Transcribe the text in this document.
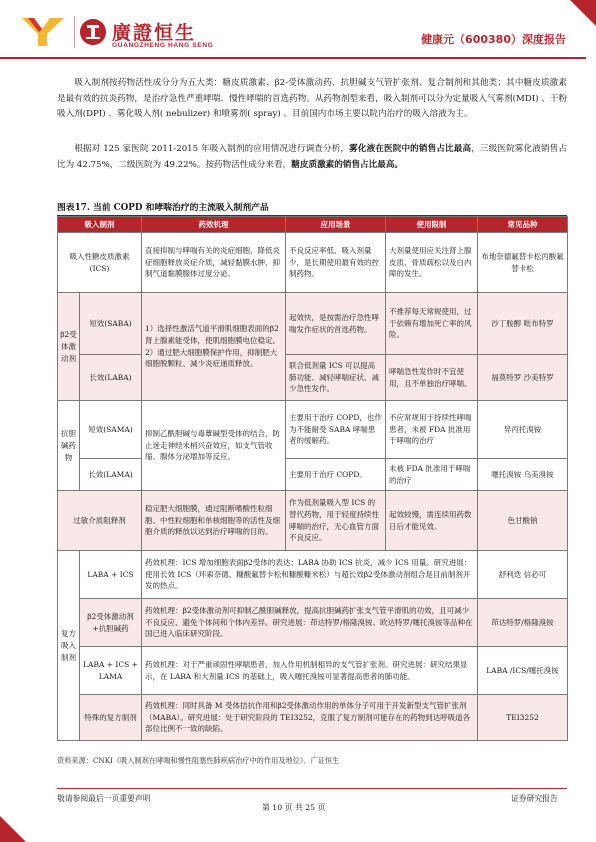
廣證恒生
GUANGZHENG HANG SENG	健康元（600380）深度报告

吸入制剂按药物活性成分分为五大类：糖皮质激素、β2-受体激动药、抗胆碱支气管扩张剂、复合制剂和其他类；其中糖皮质激素是最有效的抗炎药物，是治疗急性严重哮喘、慢性哮喘的首选药物。从药物剂型来看，吸入制剂可以分为定量吸入气雾剂(MDI) 、干粉吸入剂(DPI) 、雾化吸入剂( nebulizer) 和喷雾剂( spray) 。目前国内市场主要以院内治疗的吸入溶液为主。

根据对 125 家医院 2011-2015 年吸入制剂的应用情况进行调查分析，雾化液在医院中的销售占比最高，三级医院雾化液销售占比为 42.75%，二级医院为 49.22%。按药物活性成分来看，糖皮质激素的销售占比最高。

图表17. 当前 COPD 和哮喘治疗的主流吸入制剂产品
吸入制剂		药效机理	应用场景	使用限制	常见品种
吸入性糖皮质激素(ICS)		直接抑制与哮喘有关的炎症细胞，降低炎症细胞释放炎症介质，减轻黏膜水肿，抑制气道黏膜腺体过度分泌。	不良反应率低、吸入剂量少，是长期使用最有效的控制药物。	大剂量使用应关注肾上腺皮质、骨质疏松以及白内障的发生。	布地奈德氟替卡松丙酸氟替卡松
β2受体激动剂	短效(SABA)	1）选择性激活气道平滑肌细胞表面的β2 肾上腺素能受体，使肌细胞膜电位稳定。 2）通过肥大细胞膜保护作用，抑制肥大细胞脱颗粒、减少炎症递质释放。	起效快，是按需治疗急性哮喘发作症状的首选药物。	不推荐每天常规使用，过于依赖有增加死亡率的风险。	沙丁胺醇 吡布特罗
	长效(LABA)		联合低剂量 ICS 可以提高肺功能、减轻哮喘症状、减少急性发作。	哮喘急性发作时不宜使用，且不单独治疗哮喘。	福莫特罗 沙美特罗
抗胆碱药物	短效(SAMA)	抑制乙酰胆碱与毒蕈碱型受体的结合，防止迷走神经末梢兴奋效应，如支气管收缩、腺体分泌增加等反应。	主要用于治疗 COPD，也作为不能耐受 SABA 哮喘患者的缓解药。	不应常规用于持续性哮喘患者，未被 FDA 批准用于哮喘的治疗	异丙托溴铵
	长效(LAMA)		主要用于治疗 COPD。	未被 FDA 批准用于哮喘的治疗	噻托溴铵 乌美溴铵
过敏介质阻释剂		稳定肥大细胞膜，通过阻断嗜酸性粒细胞、中性粒细胞和单核细胞等的活性及细胞介质的释放以达到治疗哮喘的目的。	作为低剂量吸入型 ICS 的替代药物，用于轻度持续性哮喘的治疗，无心血管方面不良反应。	起效较慢，需连续用药数日后才能见效。	色甘酸钠
复方吸入制剂	LABA + ICS	药效机理：ICS 增加细胞表面β2受体的表达；LABA 协助 ICS 抗炎，减少 ICS 用量。研究进展：使用长效 ICS（环索奈德、糠酸氟替卡松和糠酸糠米松）与超长效β2受体激动剂组合是目前制剂开发的热点。			舒利迭 信必可
	β2受体激动剂+抗胆碱药	药效机理：β2受体激动剂可抑制乙酰胆碱释放，提高抗胆碱药扩张支气管平滑肌的功效，且可减少不良反应、避免个体间和个体内差异。研究进展：茚达特罗/格隆溴铵、欧达特罗/噻托溴铵等品种在国已进入临床研究阶段。			茚达特罗/格隆溴铵
	LABA + ICS + LAMA	药效机理：对于严重顽固性哮喘患者，加入作用机制相异的支气管扩张剂。研究进展：研究结果显示，在 LABA 和大剂量 ICS 的基础上，吸入噻托溴铵可显著提高患者的肺功能。			LABA /ICS/噻托溴铵
	特殊的复方制剂	药效机理：同时具备 M 受体拮抗作用和β2受体激动作用的单体分子可用于开发新型支气管扩张剂（MABA）。研究进展：处于研究阶段的 TEI3252，克服了复方制剂可能存在的药物到达呼吸道各部位比例不一致的缺陷。			TEI3252
资料来源：CNKI《吸入制剂在哮喘和慢性阻塞性肺疾病治疗中的作用及地位》、广证恒生
敬请参阅最后一页重要声明
第 10 页 共 25 页
证券研究报告
